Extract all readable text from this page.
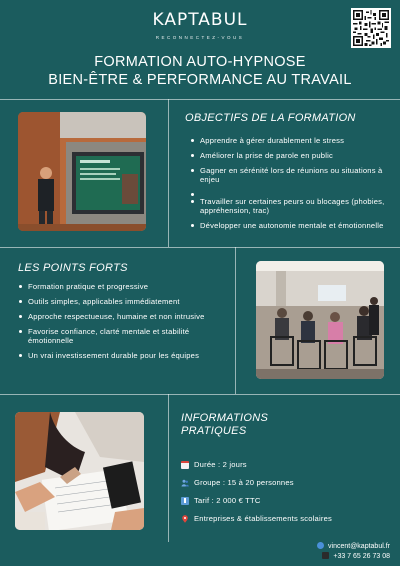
KAPTABUL
RECONNECTEZ-VOUS
FORMATION AUTO-HYPNOSE
BIEN-ÊTRE & PERFORMANCE AU TRAVAIL
OBJECTIFS DE LA FORMATION
Apprendre à gérer durablement le stress
Améliorer la prise de parole en public
Gagner en sérénité lors de réunions ou situations à enjeu
Travailler sur certaines peurs ou blocages (phobies, appréhension, trac)
Développer une autonomie mentale et émotionnelle
LES POINTS FORTS
Formation pratique et progressive
Outils simples, applicables immédiatement
Approche respectueuse, humaine et non intrusive
Favorise confiance, clarté mentale et stabilité émotionnelle
Un vrai investissement durable pour les équipes
INFORMATIONS
PRATIQUES
Durée : 2 jours
Groupe : 15 à 20 personnes
Tarif : 2 000 € TTC
Entreprises & établissements scolaires
vincent@kaptabul.fr
+33 7 65 26 73 08
